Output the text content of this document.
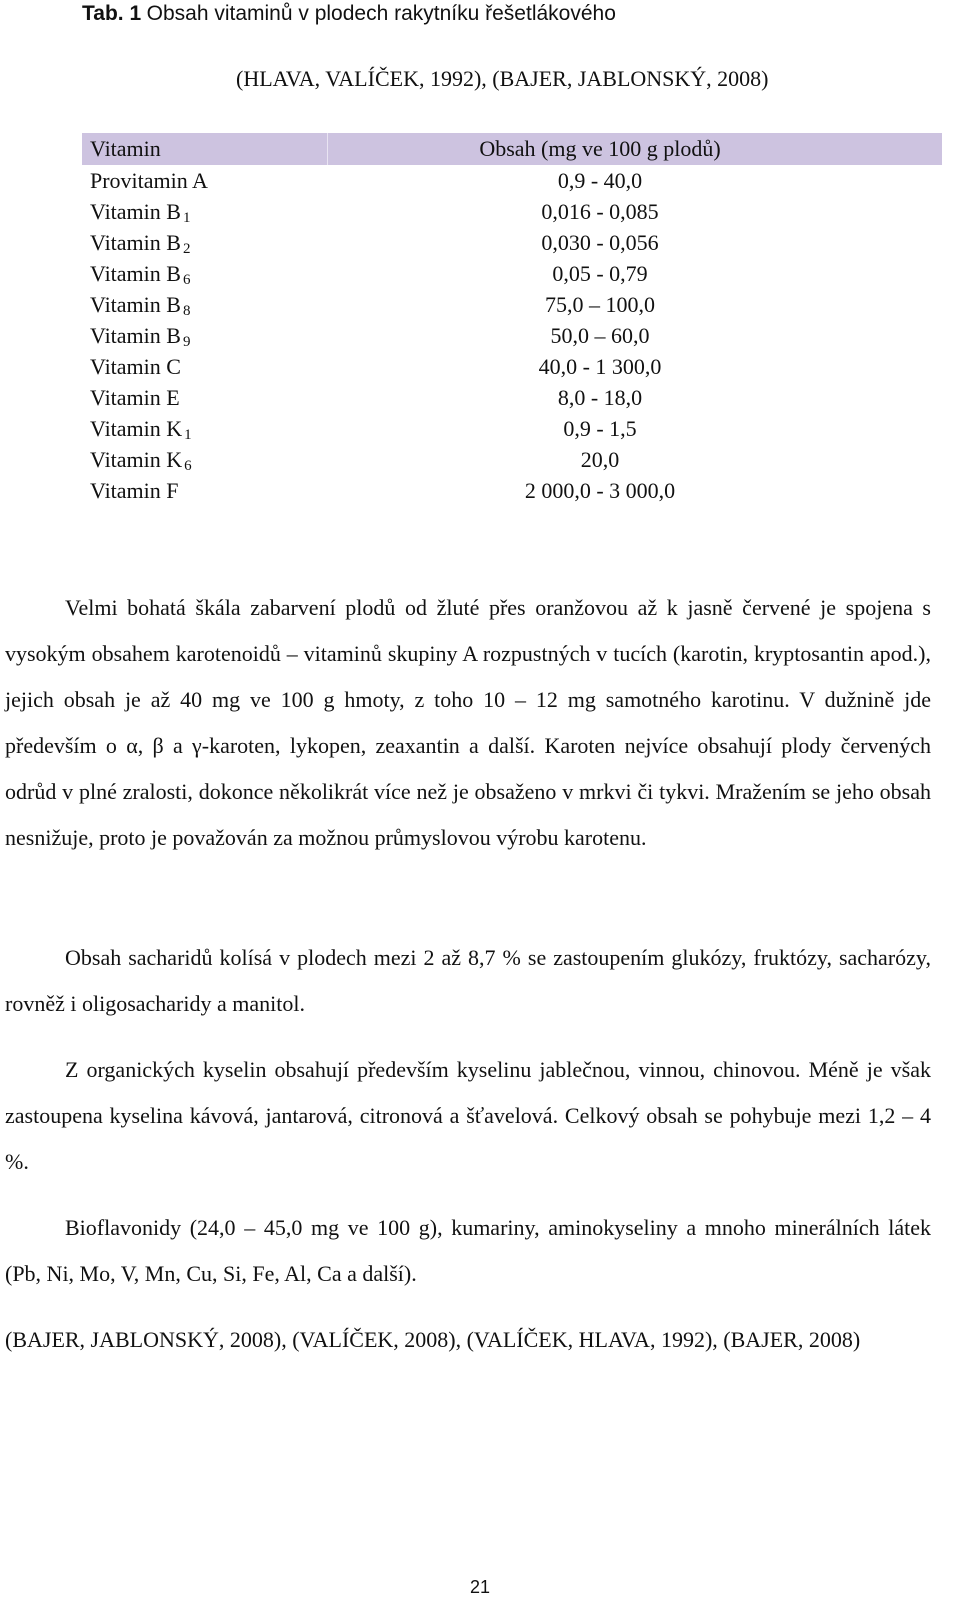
Tab. 1 Obsah vitaminů v plodech rakytníku řešetlákového
(HLAVA, VALÍČEK, 1992), (BAJER, JABLONSKÝ, 2008)
Vitamin	Obsah (mg ve 100 g plodů)
Provitamin A	0,9 - 40,0
Vitamin B $_1$	0,016 - 0,085
Vitamin B $_2$	0,030 - 0,056
Vitamin B $_6$	0,05 - 0,79
Vitamin B $_8$	75,0 – 100,0
Vitamin B $_9$	50,0 – 60,0
Vitamin C	40,0 - 1 300,0
Vitamin E	8,0 - 18,0
Vitamin K $_1$	0,9 - 1,5
Vitamin K $_6$	20,0
Vitamin F	2 000,0 - 3 000,0

Velmi bohatá škála zabarvení plodů od žluté přes oranžovou až k jasně červené je spojena s vysokým obsahem karotenoidů – vitaminů skupiny A rozpustných v tucích (karotin, kryptosantin apod.), jejich obsah je až 40 mg ve 100 g hmoty, z toho 10 – 12 mg samotného karotinu. V dužnině jde především o α, β a γ-karoten, lykopen, zeaxantin a další. Karoten nejvíce obsahují plody červených odrůd v plné zralosti, dokonce několikrát více než je obsaženo v mrkvi či tykvi. Mražením se jeho obsah nesnižuje, proto je považován za možnou průmyslovou výrobu karotenu.

Obsah sacharidů kolísá v plodech mezi 2 až 8,7 % se zastoupením glukózy, fruktózy, sacharózy, rovněž i oligosacharidy a manitol.

Z organických kyselin obsahují především kyselinu jablečnou, vinnou, chinovou. Méně je však zastoupena kyselina kávová, jantarová, citronová a šťavelová. Celkový obsah se pohybuje mezi 1,2 – 4 %.

Bioflavonidy (24,0 – 45,0 mg ve 100 g), kumariny, aminokyseliny a mnoho minerálních látek (Pb, Ni, Mo, V, Mn, Cu, Si, Fe, Al, Ca a další).

(BAJER, JABLONSKÝ, 2008), (VALÍČEK, 2008), (VALÍČEK, HLAVA, 1992), (BAJER, 2008)

21
